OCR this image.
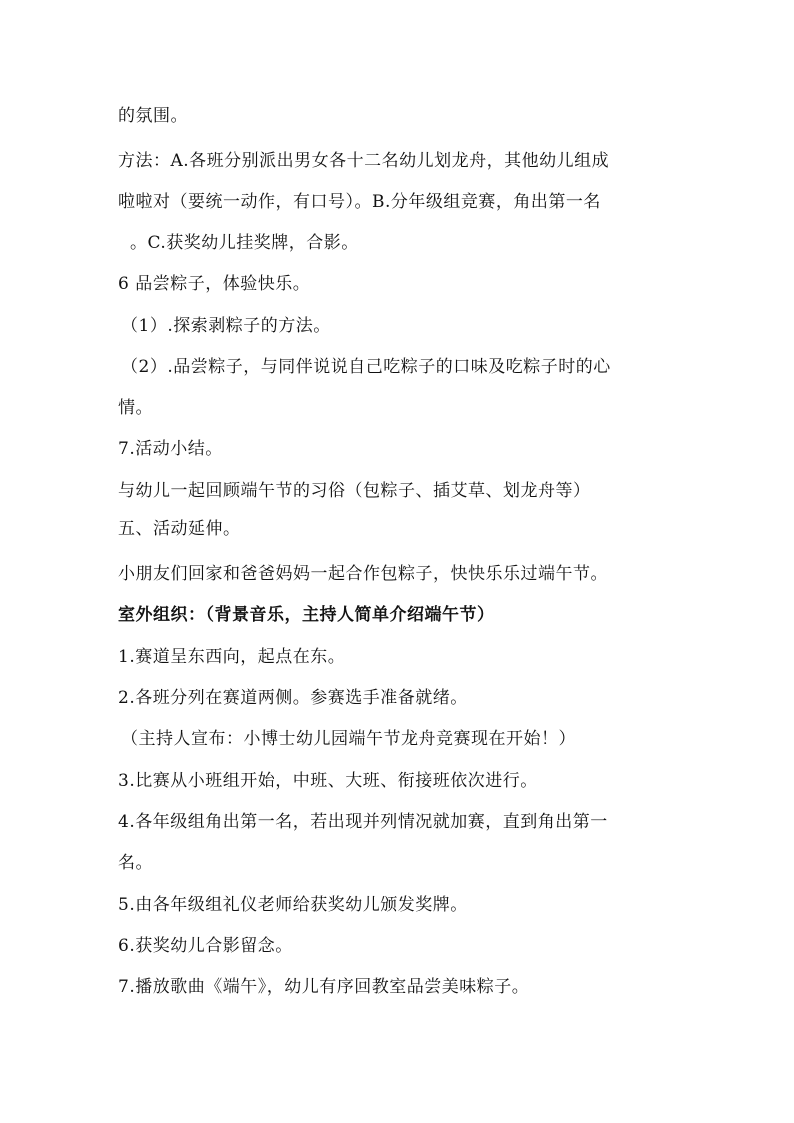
的氛围。
方法：A.各班分别派出男女各十二名幼儿划龙舟，其他幼儿组成
啦啦对（要统一动作，有口号）。B.分年级组竞赛，角出第一名
。C.获奖幼儿挂奖牌，合影。
6 品尝粽子，体验快乐。
（1）.探索剥粽子的方法。
（2）.品尝粽子，与同伴说说自己吃粽子的口味及吃粽子时的心
情。
7.活动小结。
与幼儿一起回顾端午节的习俗（包粽子、插艾草、划龙舟等）
五、活动延伸。
小朋友们回家和爸爸妈妈一起合作包粽子，快快乐乐过端午节。
室外组织：（背景音乐，主持人简单介绍端午节）
1.赛道呈东西向，起点在东。
2.各班分列在赛道两侧。参赛选手准备就绪。
（主持人宣布：小博士幼儿园端午节龙舟竞赛现在开始！）
3.比赛从小班组开始，中班、大班、衔接班依次进行。
4.各年级组角出第一名，若出现并列情况就加赛，直到角出第一
名。
5.由各年级组礼仪老师给获奖幼儿颁发奖牌。
6.获奖幼儿合影留念。
7.播放歌曲《端午》，幼儿有序回教室品尝美味粽子。
